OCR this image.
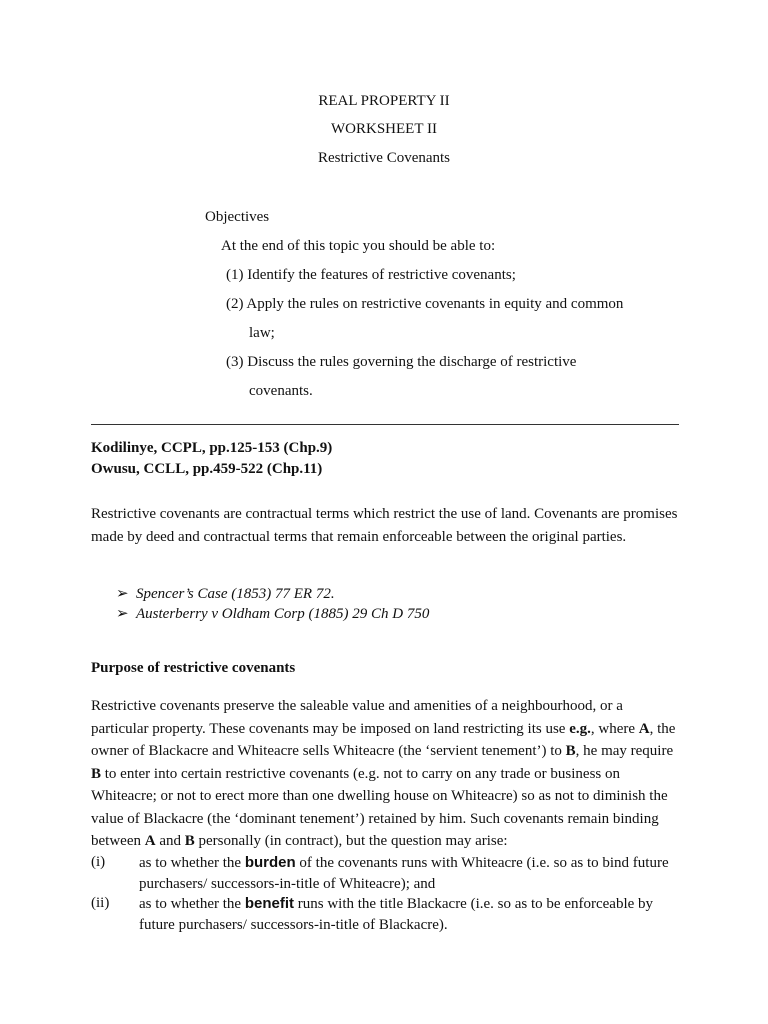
REAL PROPERTY II
WORKSHEET II
Restrictive Covenants
Objectives
At the end of this topic you should be able to:
(1) Identify the features of restrictive covenants;
(2) Apply the rules on restrictive covenants in equity and common
law;
(3) Discuss the rules governing the discharge of restrictive
covenants.
Kodilinye, CCPL, pp.125-153 (Chp.9)
Owusu, CCLL, pp.459-522 (Chp.11)
Restrictive covenants are contractual terms which restrict the use of land. Covenants are promises made by deed and contractual terms that remain enforceable between the original parties.
➢ Spencer’s Case (1853) 77 ER 72.
➢ Austerberry v Oldham Corp (1885) 29 Ch D 750
Purpose of restrictive covenants
Restrictive covenants preserve the saleable value and amenities of a neighbourhood, or a particular property. These covenants may be imposed on land restricting its use e.g., where A, the owner of Blackacre and Whiteacre sells Whiteacre (the ‘servient tenement’) to B, he may require B to enter into certain restrictive covenants (e.g. not to carry on any trade or business on Whiteacre; or not to erect more than one dwelling house on Whiteacre) so as not to diminish the value of Blackacre (the ‘dominant tenement’) retained by him. Such covenants remain binding between A and B personally (in contract), but the question may arise:
(i) as to whether the burden of the covenants runs with Whiteacre (i.e. so as to bind future purchasers/ successors-in-title of Whiteacre); and
(ii) as to whether the benefit runs with the title Blackacre (i.e. so as to be enforceable by future purchasers/ successors-in-title of Blackacre).
